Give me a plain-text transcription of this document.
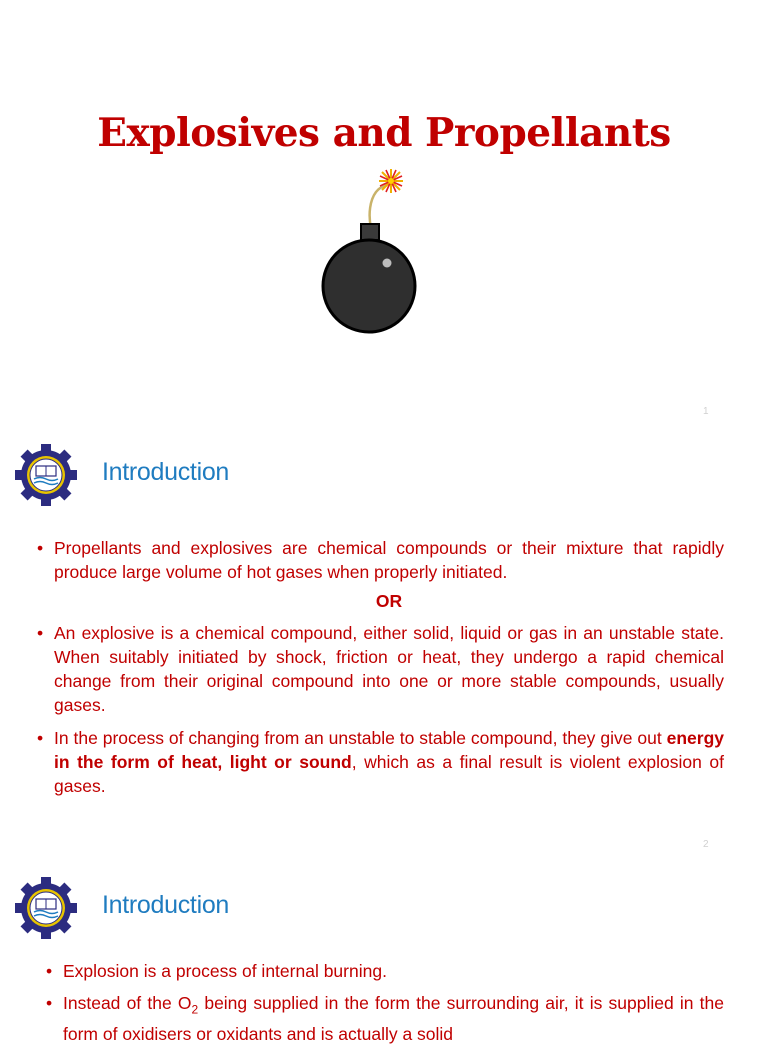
Explosives and Propellants
1
Introduction
• Propellants and explosives are chemical compounds or their mixture that rapidly produce large volume of hot gases when properly initiated.
OR
• An explosive is a chemical compound, either solid, liquid or gas in an unstable state. When suitably initiated by shock, friction or heat, they undergo a rapid chemical change from their original compound into one or more stable compounds, usually gases.
• In the process of changing from an unstable to stable compound, they give out energy in the form of heat, light or sound, which as a final result is violent explosion of gases.
2
Introduction
• Explosion is a process of internal burning.
• Instead of the $O_2$ being supplied in the form the surrounding air, it is supplied in the form of oxidisers or oxidants and is actually a solid
